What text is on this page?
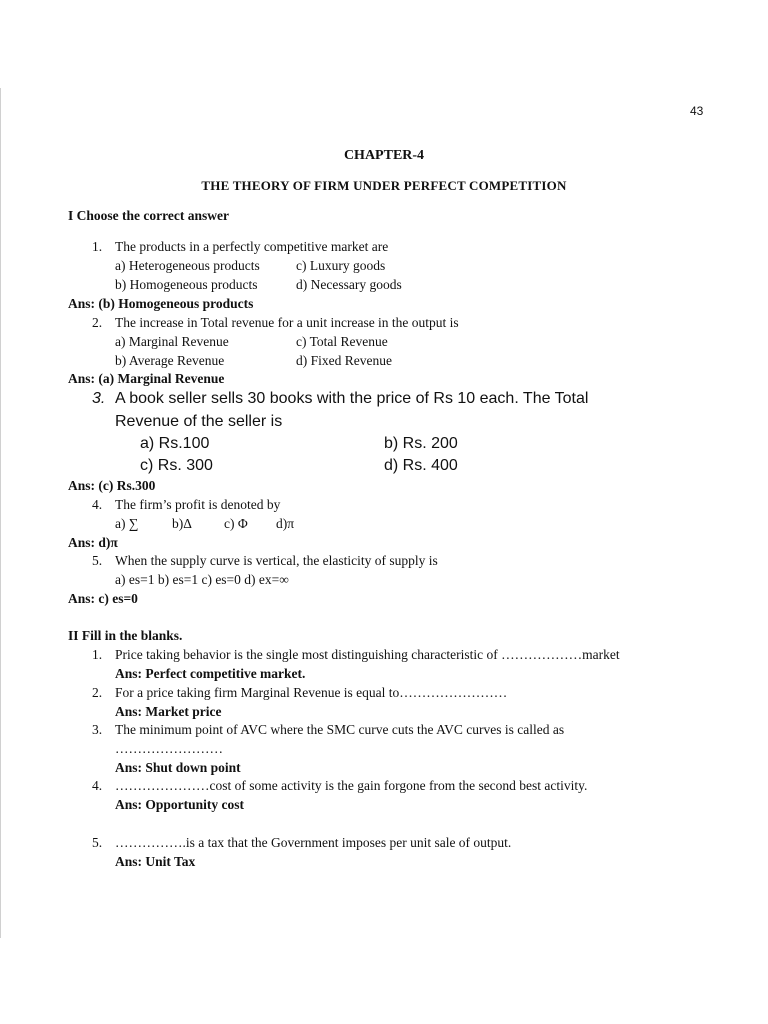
43
CHAPTER-4
THE THEORY OF FIRM UNDER PERFECT COMPETITION
I Choose the correct answer
1. The products in a perfectly competitive market are
a) Heterogeneous products	c) Luxury goods
b) Homogeneous products	d) Necessary goods
Ans: (b) Homogeneous products
2. The increase in Total revenue for a unit increase in the output is
a) Marginal Revenue	c) Total Revenue
b) Average Revenue	d) Fixed Revenue
Ans: (a) Marginal Revenue
3. A book seller sells 30 books with the price of Rs 10 each. The Total
Revenue of the seller is
a) Rs.100	b) Rs. 200
c) Rs. 300	d) Rs. 400
Ans: (c) Rs.300
4. The firm’s profit is denoted by
a) ∑ b)Δ c) Φ d)π
Ans: d)π
5. When the supply curve is vertical, the elasticity of supply is
a) es=1 b) es=1 c) es=0 d) ex=∞
Ans: c) es=0
II Fill in the blanks.
1. Price taking behavior is the single most distinguishing characteristic of ………………market
Ans: Perfect competitive market.
2. For a price taking firm Marginal Revenue is equal to……………………
Ans: Market price
3. The minimum point of AVC where the SMC curve cuts the AVC curves is called as
……………………
Ans: Shut down point
4. …………………cost of some activity is the gain forgone from the second best activity.
Ans: Opportunity cost
5. …………….is a tax that the Government imposes per unit sale of output.
Ans: Unit Tax
